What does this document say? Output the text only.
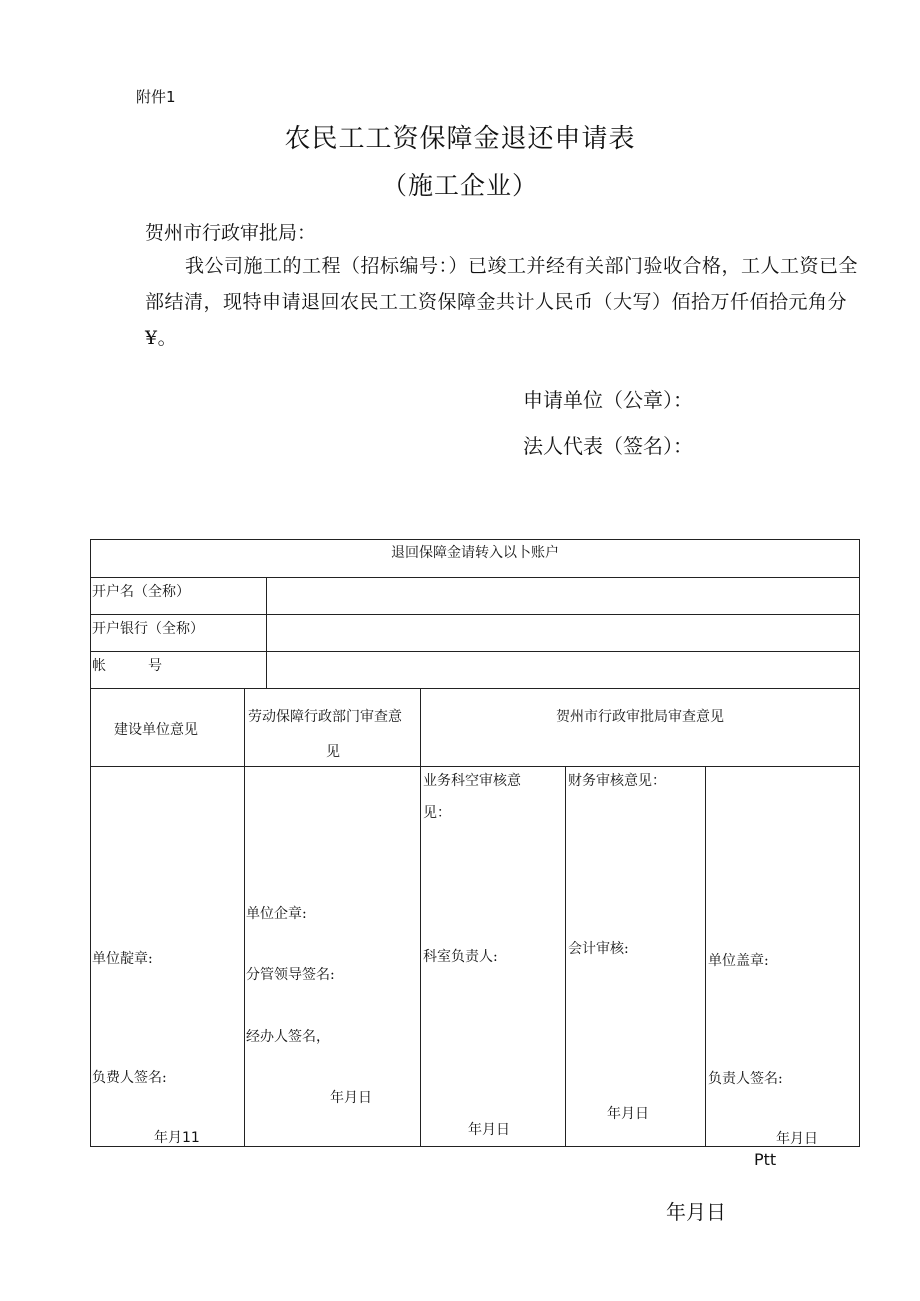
附件1
农民工工资保障金退还申请表
（施工企业）
贺州市行政审批局：
我公司施工的工程（招标编号：）已竣工并经有关部门验收合格，工人工资已全部结清，现特申请退回农民工工资保障金共计人民币（大写）佰拾万仟佰拾元角分¥。
申请单位（公章）：
法人代表（签名）：
退回保障金请转入以卜账户
开户名（全称）
开户银行（全称）
帐　　　号
建设单位意见
劳动保障行政部门审查意
见
贺州市行政审批局审查意见
业务科空审核意
见：
财务审核意见：
单位靛章:
负费人签名:
年月11
单位企章:
分管领导签名:
经办人签名，
年月日
科室负责人:
年月日
会计审核:
年月日
单位盖章:
负责人签名:
年月日
Ptt
年月日
